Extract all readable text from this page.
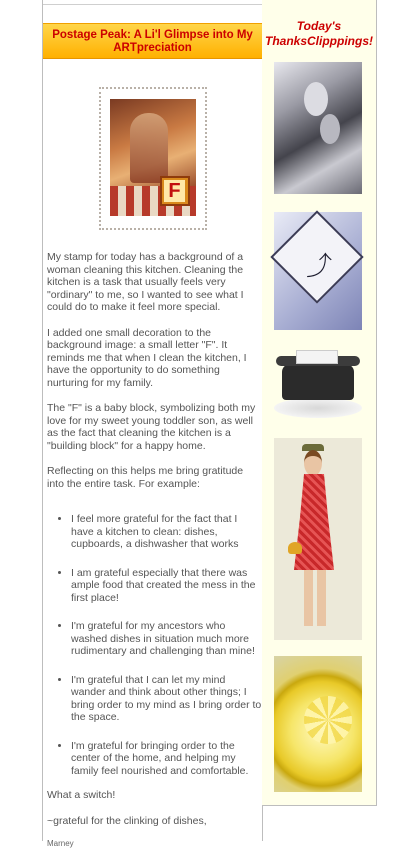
Postage Peak: A Li'l Glimpse into My ARTpreciation
F

My stamp for today has a background of a woman cleaning this kitchen. Cleaning the kitchen is a task that usually feels very "ordinary" to me, so I wanted to see what I could do to make it feel more special.

I added one small decoration to the background image: a small letter "F". It reminds me that when I clean the kitchen, I have the opportunity to do something nurturing for my family.

The "F" is a baby block, symbolizing both my love for my sweet young toddler son, as well as the fact that cleaning the kitchen is a "building block" for a happy home.

Reflecting on this helps me bring gratitude into the entire task. For example:

• I feel more grateful for the fact that I have a kitchen to clean: dishes, cupboards, a dishwasher that works
• I am grateful especially that there was ample food that created the mess in the first place!
• I'm grateful for my ancestors who washed dishes in situation much more rudimentary and challenging than mine!
• I'm grateful that I can let my mind wander and think about other things; I bring order to my mind as I bring order to the space.
• I'm grateful for bringing order to the center of the home, and helping my family feel nourished and comfortable.

What a switch!

~grateful for the clinking of dishes,

Marney
Today's ThanksClipppings!
⤴
